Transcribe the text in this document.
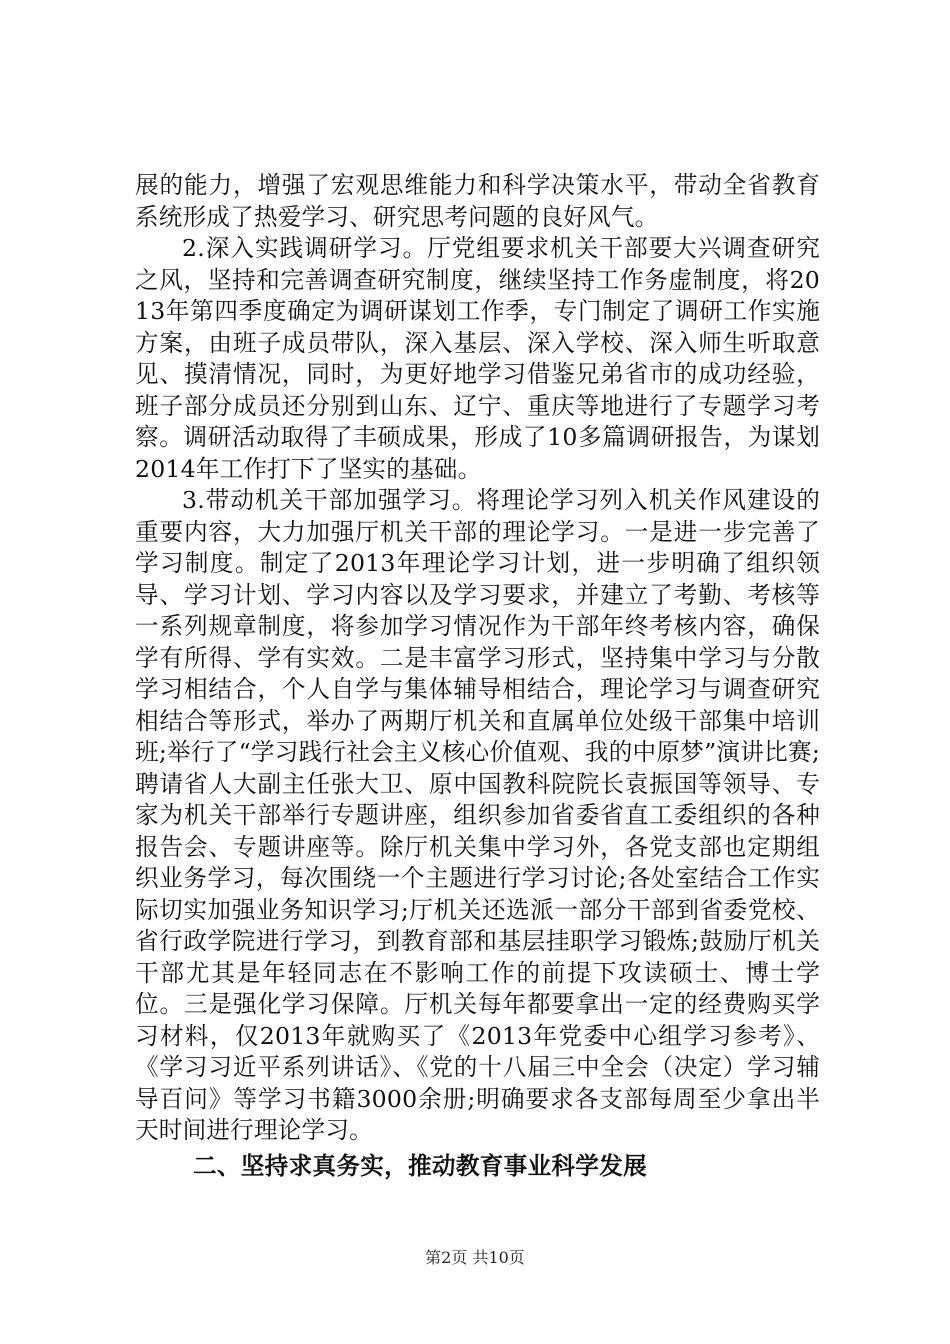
展的能力，增强了宏观思维能力和科学决策水平，带动全省教育系统形成了热爱学习、研究思考问题的良好风气。

2.深入实践调研学习。厅党组要求机关干部要大兴调查研究之风，坚持和完善调查研究制度，继续坚持工作务虚制度，将2013年第四季度确定为调研谋划工作季，专门制定了调研工作实施方案，由班子成员带队，深入基层、深入学校、深入师生听取意见、摸清情况，同时，为更好地学习借鉴兄弟省市的成功经验，班子部分成员还分别到山东、辽宁、重庆等地进行了专题学习考察。调研活动取得了丰硕成果，形成了10多篇调研报告，为谋划2014年工作打下了坚实的基础。

3.带动机关干部加强学习。将理论学习列入机关作风建设的重要内容，大力加强厅机关干部的理论学习。一是进一步完善了学习制度。制定了2013年理论学习计划，进一步明确了组织领导、学习计划、学习内容以及学习要求，并建立了考勤、考核等一系列规章制度，将参加学习情况作为干部年终考核内容，确保学有所得、学有实效。二是丰富学习形式，坚持集中学习与分散学习相结合，个人自学与集体辅导相结合，理论学习与调查研究相结合等形式，举办了两期厅机关和直属单位处级干部集中培训班;举行了“学习践行社会主义核心价值观、我的中原梦”演讲比赛;聘请省人大副主任张大卫、原中国教科院院长袁振国等领导、专家为机关干部举行专题讲座，组织参加省委省直工委组织的各种报告会、专题讲座等。除厅机关集中学习外，各党支部也定期组织业务学习，每次围绕一个主题进行学习讨论;各处室结合工作实际切实加强业务知识学习;厅机关还选派一部分干部到省委党校、省行政学院进行学习，到教育部和基层挂职学习锻炼;鼓励厅机关干部尤其是年轻同志在不影响工作的前提下攻读硕士、博士学位。三是强化学习保障。厅机关每年都要拿出一定的经费购买学习材料，仅2013年就购买了《2013年党委中心组学习参考》、《学习习近平系列讲话》、《党的十八届三中全会（决定）学习辅导百问》等学习书籍3000余册;明确要求各支部每周至少拿出半天时间进行理论学习。

二、坚持求真务实，推动教育事业科学发展
第2页 共10页
